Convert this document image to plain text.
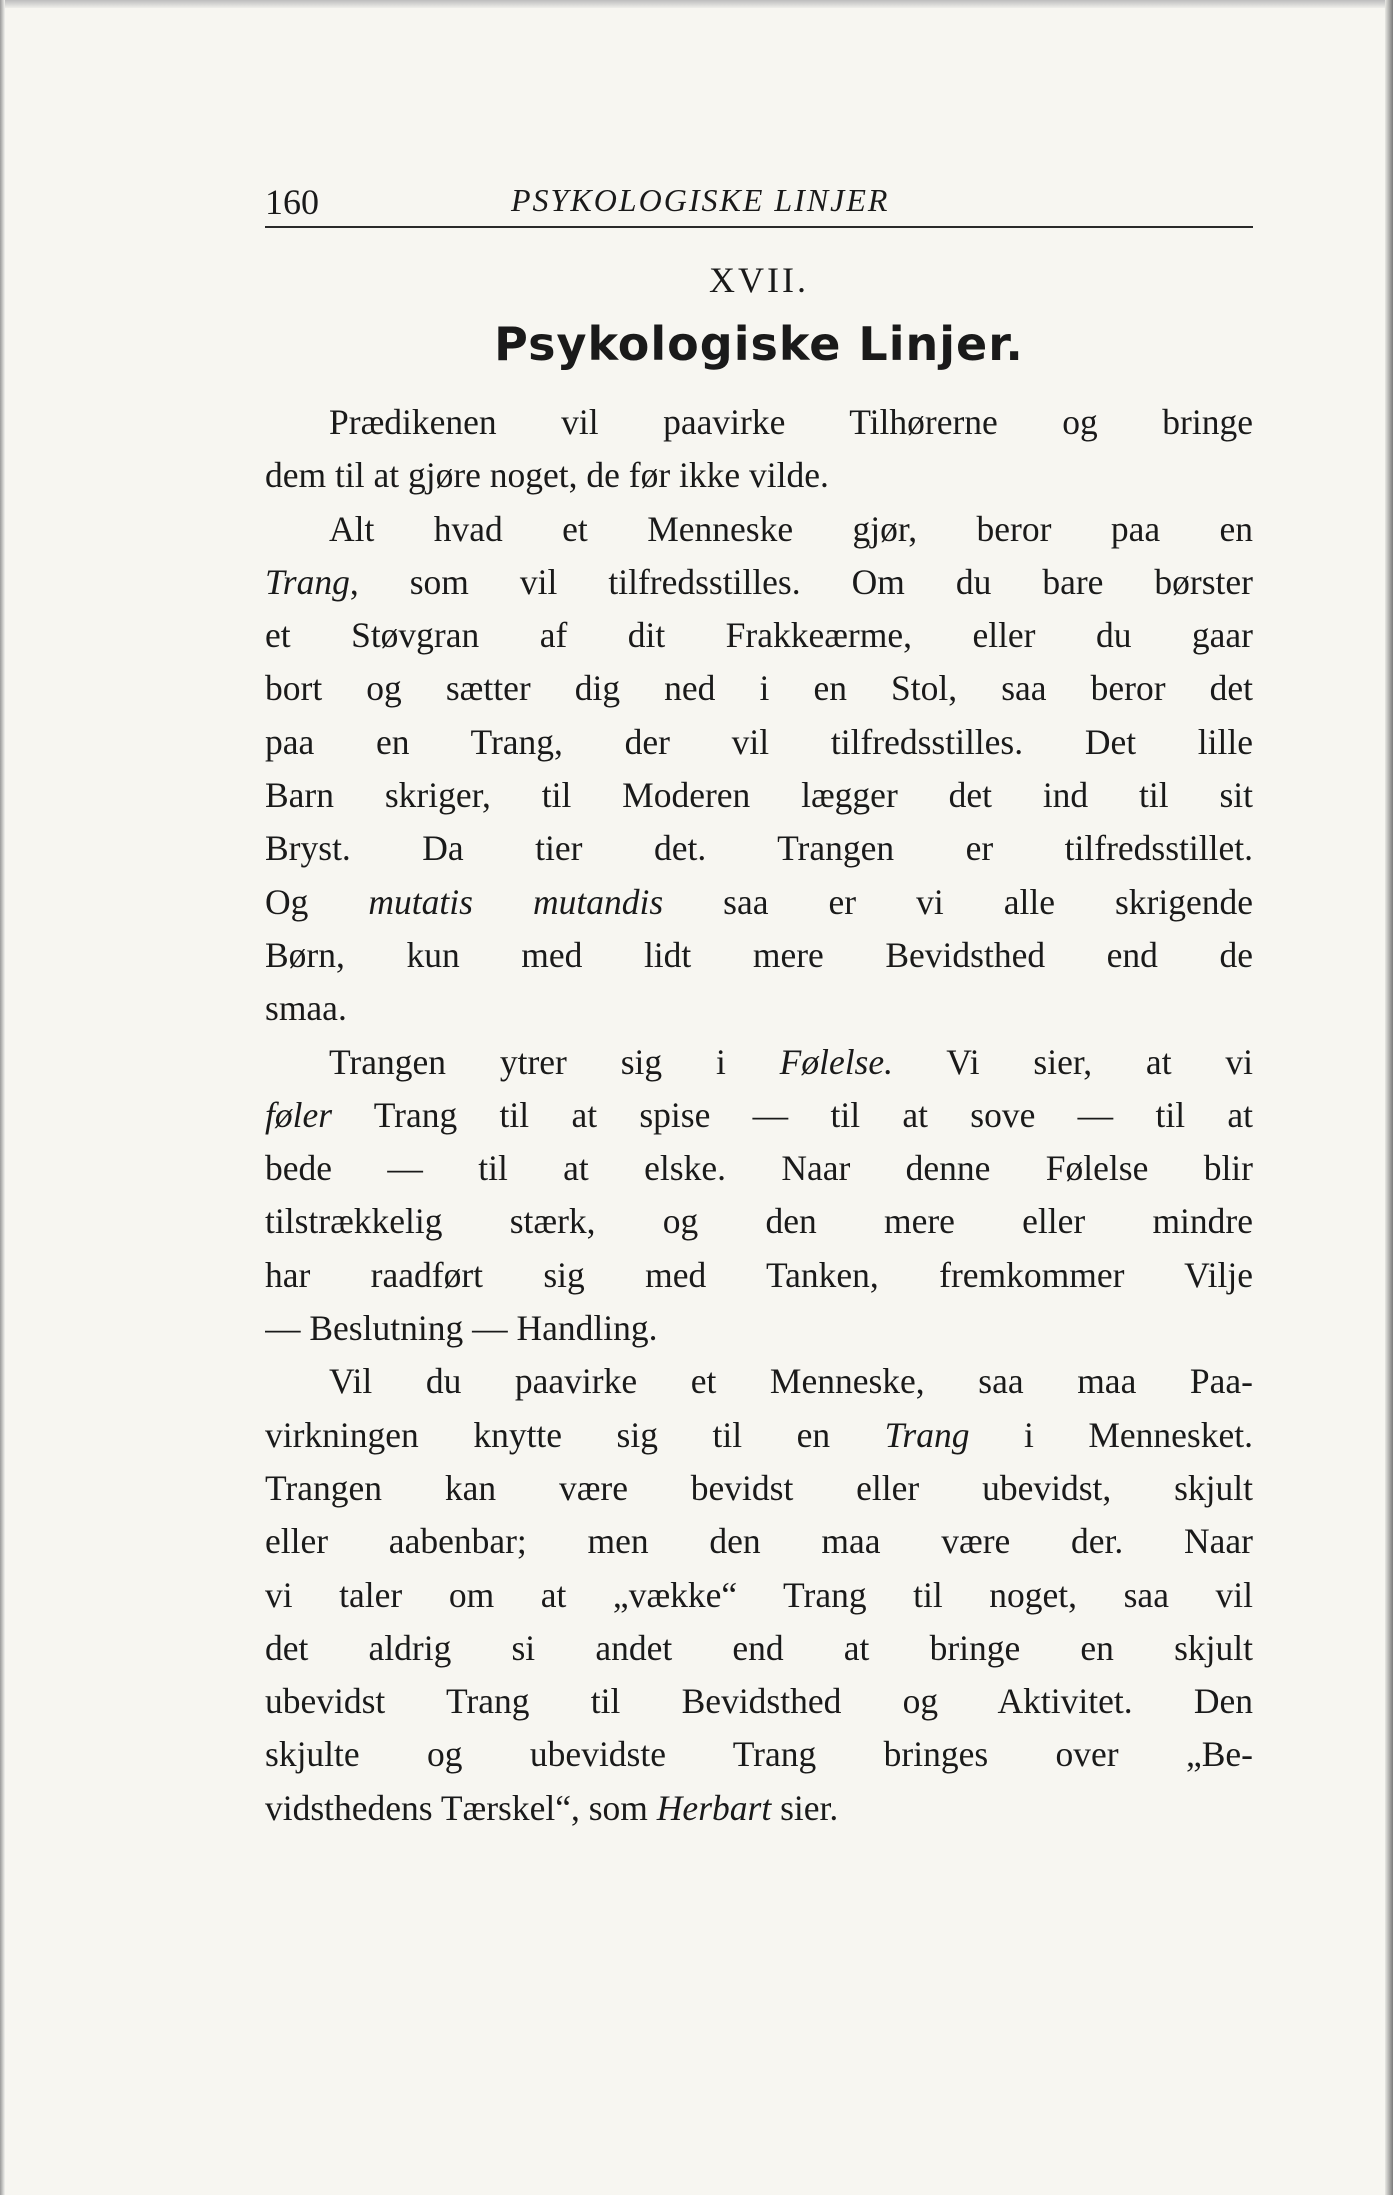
160	PSYKOLOGISKE LINJER
XVII.
Psykologiske Linjer.
Prædikenen vil paavirke Tilhørerne og bringe
dem til at gjøre noget, de før ikke vilde.
Alt hvad et Menneske gjør, beror paa en
Trang, som vil tilfredsstilles. Om du bare børster
et Støvgran af dit Frakkeærme, eller du gaar
bort og sætter dig ned i en Stol, saa beror det
paa en Trang, der vil tilfredsstilles. Det lille
Barn skriger, til Moderen lægger det ind til sit
Bryst. Da tier det. Trangen er tilfredsstillet.
Og mutatis mutandis saa er vi alle skrigende
Børn, kun med lidt mere Bevidsthed end de
smaa.
Trangen ytrer sig i Følelse. Vi sier, at vi
føler Trang til at spise — til at sove — til at
bede — til at elske. Naar denne Følelse blir
tilstrækkelig stærk, og den mere eller mindre
har raadført sig med Tanken, fremkommer Vilje
— Beslutning — Handling.
Vil du paavirke et Menneske, saa maa Paa-
virkningen knytte sig til en Trang i Mennesket.
Trangen kan være bevidst eller ubevidst, skjult
eller aabenbar; men den maa være der. Naar
vi taler om at „vække“ Trang til noget, saa vil
det aldrig si andet end at bringe en skjult
ubevidst Trang til Bevidsthed og Aktivitet. Den
skjulte og ubevidste Trang bringes over „Be-
vidsthedens Tærskel“, som Herbart sier.
